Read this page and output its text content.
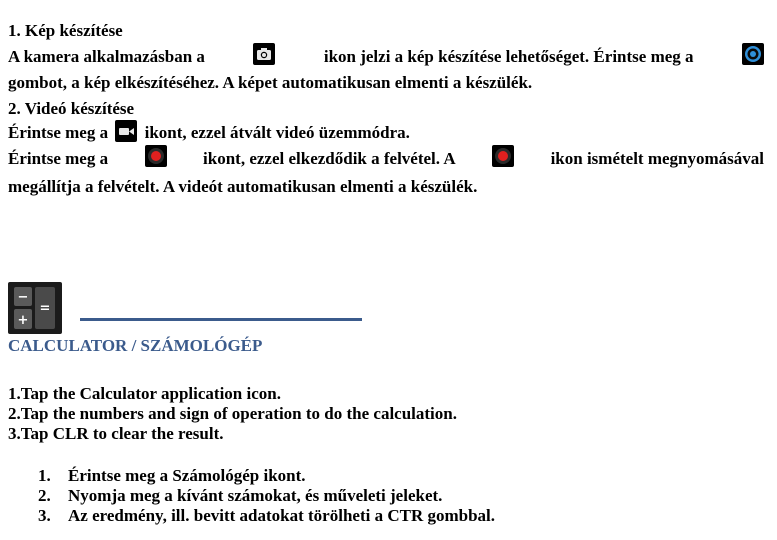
1. Kép készítése
A kamera alkalmazásban a	ikon jelzi a kép készítése lehetőséget. Érintse meg a
gombot, a kép elkészítéséhez. A képet automatikusan elmenti a készülék.
2. Videó készítése
Érintse meg a ikont, ezzel átvált videó üzemmódra.
Érintse meg a	ikont, ezzel elkezdődik a felvétel. A	ikon ismételt megnyomásával
megállítja a felvételt. A videót automatikusan elmenti a készülék.
−
=
+
CALCULATOR / SZÁMOLÓGÉP
1.Tap the Calculator application icon.
2.Tap the numbers and sign of operation to do the calculation.
3.Tap CLR to clear the result.
1. Érintse meg a Számológép ikont.
2. Nyomja meg a kívánt számokat, és műveleti jeleket.
3. Az eredmény, ill. bevitt adatokat törölheti a CTR gombbal.
